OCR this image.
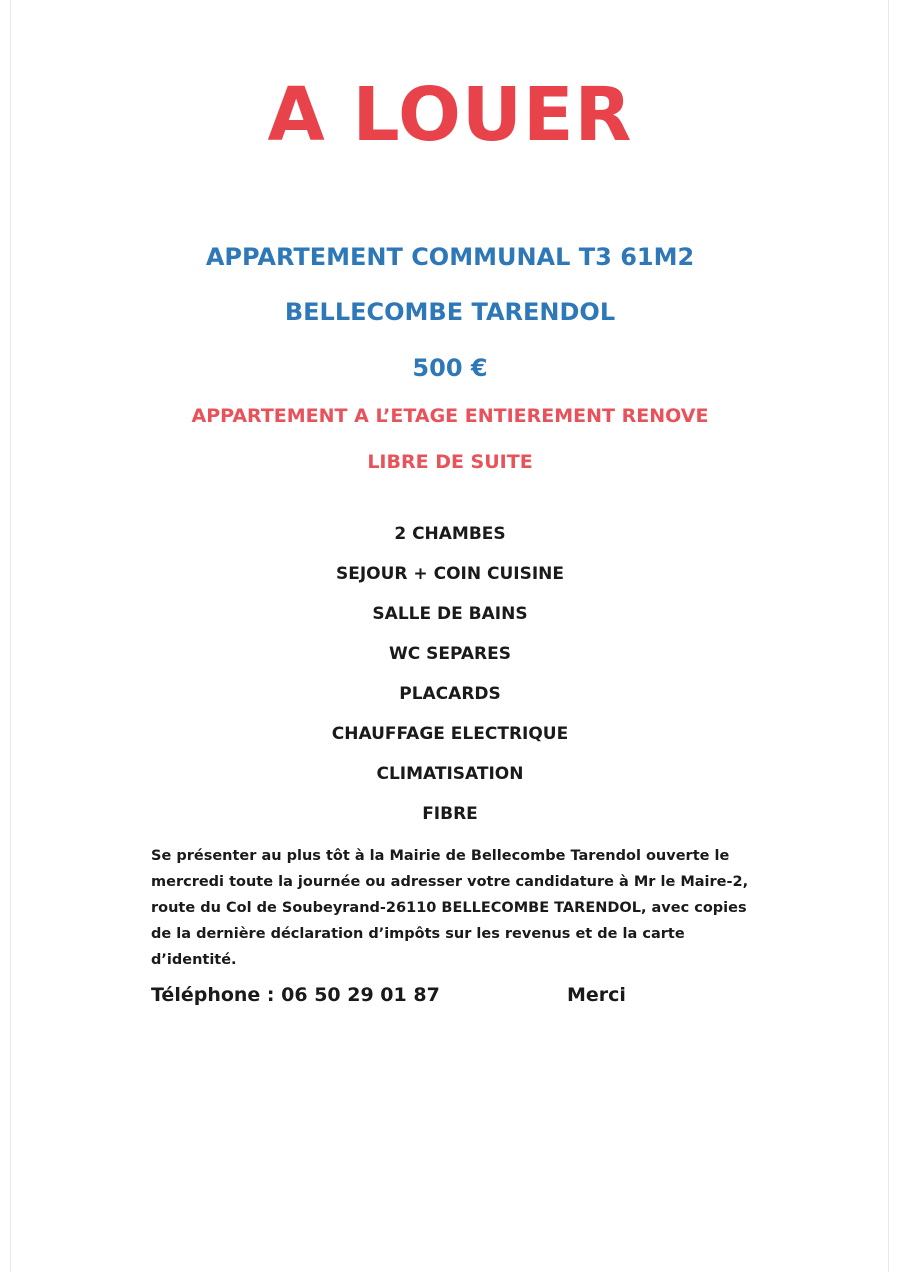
A LOUER
APPARTEMENT COMMUNAL T3 61M2
BELLECOMBE TARENDOL
500 €
APPARTEMENT A L’ETAGE ENTIEREMENT RENOVE
LIBRE DE SUITE
2 CHAMBES
SEJOUR + COIN CUISINE
SALLE DE BAINS
WC SEPARES
PLACARDS
CHAUFFAGE ELECTRIQUE
CLIMATISATION
FIBRE

Se présenter au plus tôt à la Mairie de Bellecombe Tarendol ouverte le mercredi toute la journée ou adresser votre candidature à Mr le Maire-2, route du Col de Soubeyrand-26110 BELLECOMBE TARENDOL, avec copies de la dernière déclaration d’impôts sur les revenus et de la carte d’identité.

Téléphone : 06 50 29 01 87	Merci
